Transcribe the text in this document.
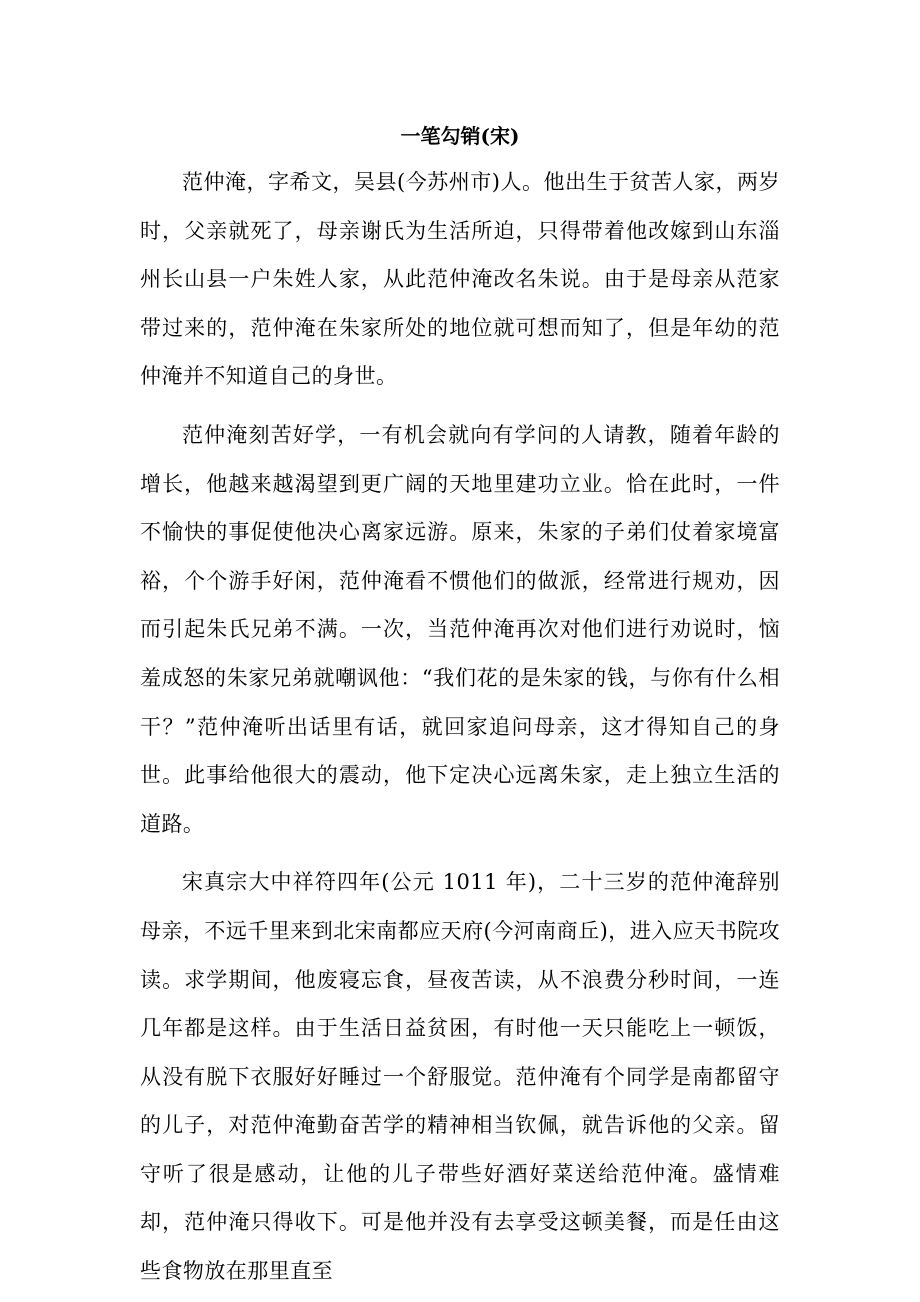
一笔勾销(宋)

范仲淹，字希文，吴县(今苏州市)人。他出生于贫苦人家，两岁时，父亲就死了，母亲谢氏为生活所迫，只得带着他改嫁到山东淄州长山县一户朱姓人家，从此范仲淹改名朱说。由于是母亲从范家带过来的，范仲淹在朱家所处的地位就可想而知了，但是年幼的范仲淹并不知道自己的身世。

范仲淹刻苦好学，一有机会就向有学问的人请教，随着年龄的增长，他越来越渴望到更广阔的天地里建功立业。恰在此时，一件不愉快的事促使他决心离家远游。原来，朱家的子弟们仗着家境富裕，个个游手好闲，范仲淹看不惯他们的做派，经常进行规劝，因而引起朱氏兄弟不满。一次，当范仲淹再次对他们进行劝说时，恼羞成怒的朱家兄弟就嘲讽他：“我们花的是朱家的钱，与你有什么相干？”范仲淹听出话里有话，就回家追问母亲，这才得知自己的身世。此事给他很大的震动，他下定决心远离朱家，走上独立生活的道路。

宋真宗大中祥符四年(公元 1011 年)，二十三岁的范仲淹辞别母亲，不远千里来到北宋南都应天府(今河南商丘)，进入应天书院攻读。求学期间，他废寝忘食，昼夜苦读，从不浪费分秒时间，一连几年都是这样。由于生活日益贫困，有时他一天只能吃上一顿饭，从没有脱下衣服好好睡过一个舒服觉。范仲淹有个同学是南都留守的儿子，对范仲淹勤奋苦学的精神相当钦佩，就告诉他的父亲。留守听了很是感动，让他的儿子带些好酒好菜送给范仲淹。盛情难却，范仲淹只得收下。可是他并没有去享受这顿美餐，而是任由这些食物放在那里直至
